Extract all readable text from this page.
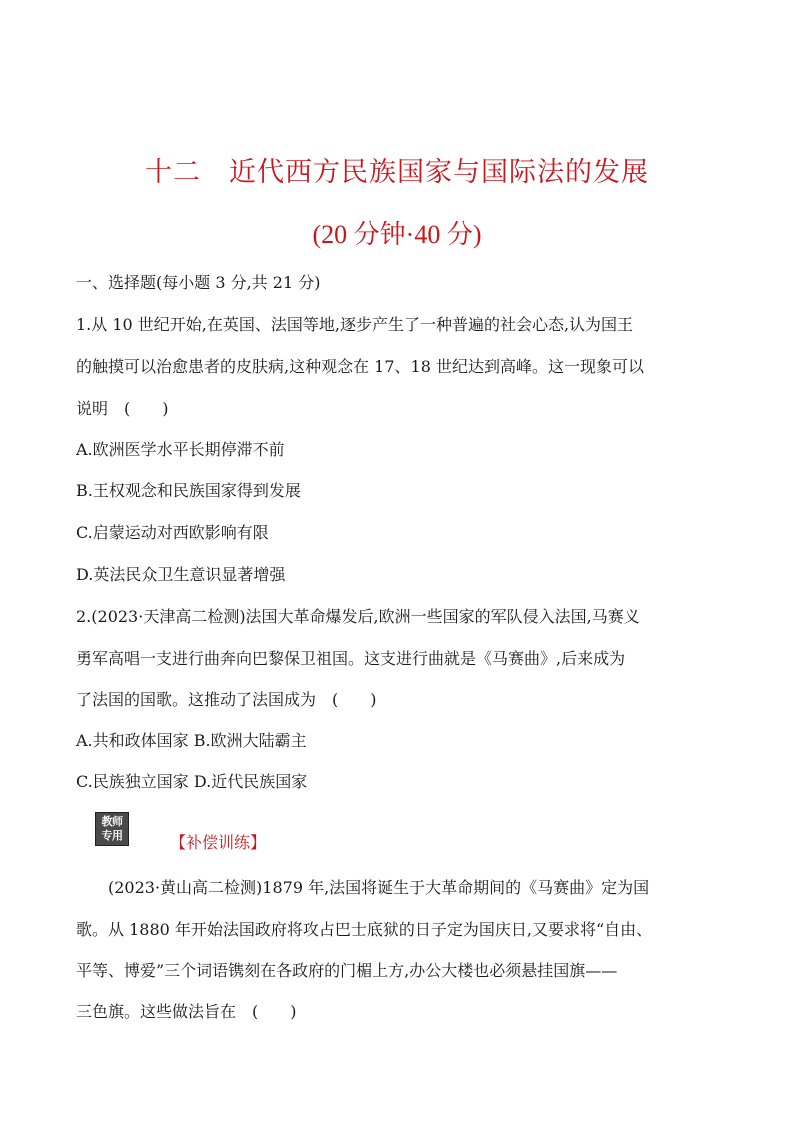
十二　近代西方民族国家与国际法的发展
(20 分钟·40 分)
一、选择题(每小题 3 分,共 21 分)
1.从 10 世纪开始,在英国、法国等地,逐步产生了一种普遍的社会心态,认为国王
的触摸可以治愈患者的皮肤病,这种观念在 17、18 世纪达到高峰。这一现象可以
说明　(　　)
A.欧洲医学水平长期停滞不前
B.王权观念和民族国家得到发展
C.启蒙运动对西欧影响有限
D.英法民众卫生意识显著增强
2.(2023·天津高二检测)法国大革命爆发后,欧洲一些国家的军队侵入法国,马赛义
勇军高唱一支进行曲奔向巴黎保卫祖国。这支进行曲就是《马赛曲》,后来成为
了法国的国歌。这推动了法国成为　(　　)
A.共和政体国家 B.欧洲大陆霸主
C.民族独立国家 D.近代民族国家
教师
专用	【补偿训练】
(2023·黄山高二检测)1879 年,法国将诞生于大革命期间的《马赛曲》定为国
歌。从 1880 年开始法国政府将攻占巴士底狱的日子定为国庆日,又要求将“自由、
平等、博爱”三个词语镌刻在各政府的门楣上方,办公大楼也必须悬挂国旗——
三色旗。这些做法旨在　(　　)
